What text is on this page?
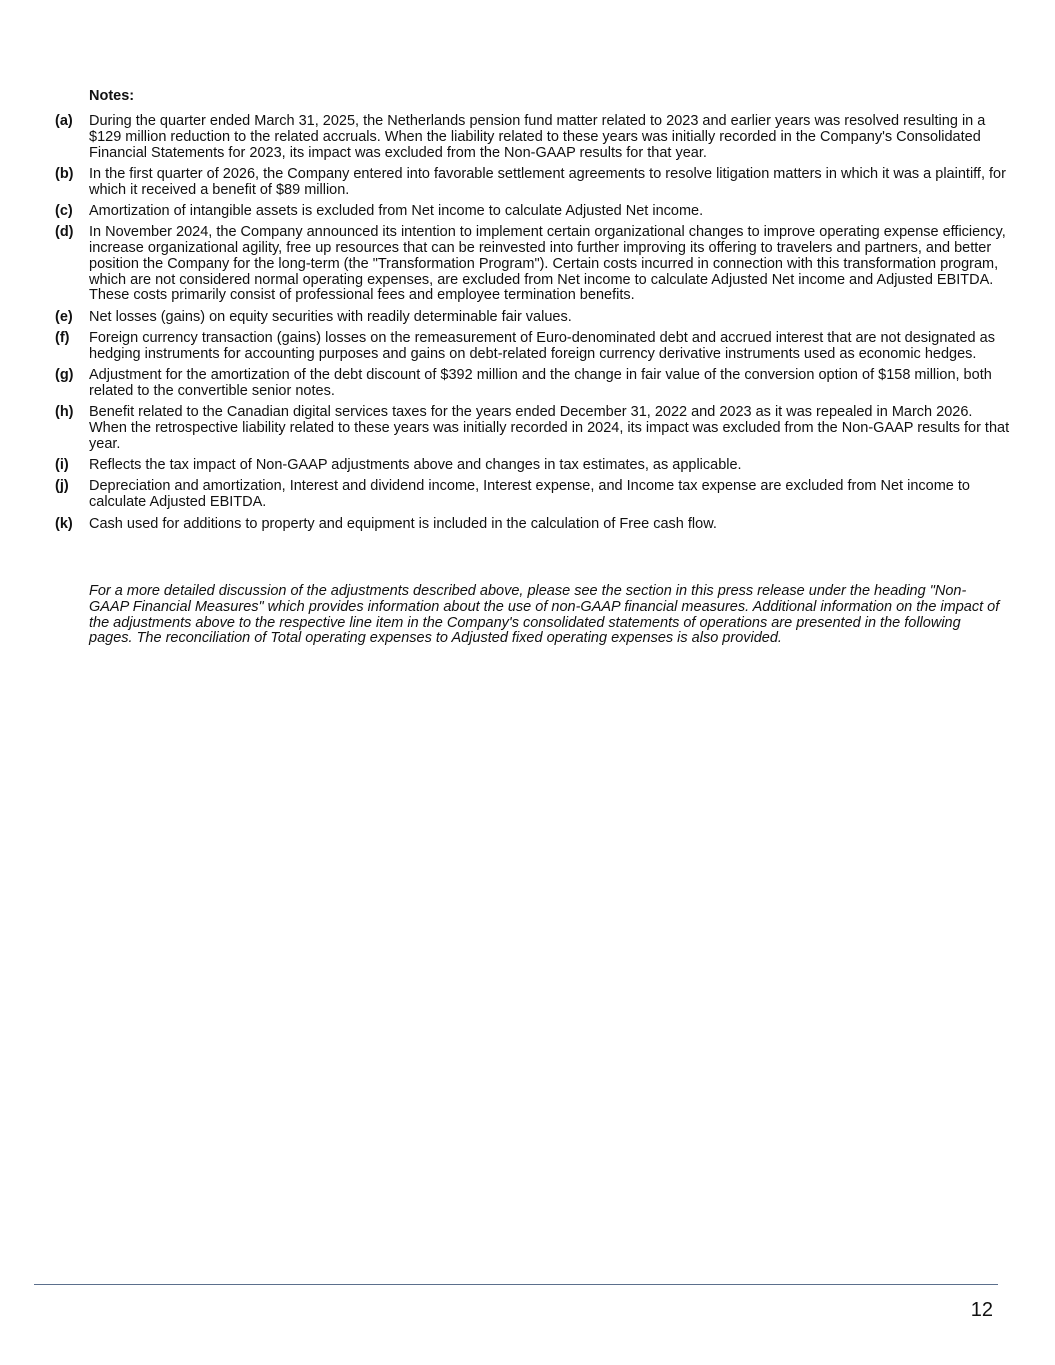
Notes:
(a)	During the quarter ended March 31, 2025, the Netherlands pension fund matter related to 2023 and earlier years was resolved resulting in a $129 million reduction to the related accruals. When the liability related to these years was initially recorded in the Company's Consolidated Financial Statements for 2023, its impact was excluded from the Non-GAAP results for that year.
(b)	In the first quarter of 2026, the Company entered into favorable settlement agreements to resolve litigation matters in which it was a plaintiff, for which it received a benefit of $89 million.
(c)	Amortization of intangible assets is excluded from Net income to calculate Adjusted Net income.
(d)	In November 2024, the Company announced its intention to implement certain organizational changes to improve operating expense efficiency, increase organizational agility, free up resources that can be reinvested into further improving its offering to travelers and partners, and better position the Company for the long-term (the "Transformation Program"). Certain costs incurred in connection with this transformation program, which are not considered normal operating expenses, are excluded from Net income to calculate Adjusted Net income and Adjusted EBITDA. These costs primarily consist of professional fees and employee termination benefits.
(e)	Net losses (gains) on equity securities with readily determinable fair values.
(f)	Foreign currency transaction (gains) losses on the remeasurement of Euro-denominated debt and accrued interest that are not designated as hedging instruments for accounting purposes and gains on debt-related foreign currency derivative instruments used as economic hedges.
(g)	Adjustment for the amortization of the debt discount of $392 million and the change in fair value of the conversion option of $158 million, both related to the convertible senior notes.
(h)	Benefit related to the Canadian digital services taxes for the years ended December 31, 2022 and 2023 as it was repealed in March 2026. When the retrospective liability related to these years was initially recorded in 2024, its impact was excluded from the Non-GAAP results for that year.
(i)	Reflects the tax impact of Non-GAAP adjustments above and changes in tax estimates, as applicable.
(j)	Depreciation and amortization, Interest and dividend income, Interest expense, and Income tax expense are excluded from Net income to calculate Adjusted EBITDA.
(k)	Cash used for additions to property and equipment is included in the calculation of Free cash flow.
For a more detailed discussion of the adjustments described above, please see the section in this press release under the heading "Non-GAAP Financial Measures" which provides information about the use of non-GAAP financial measures. Additional information on the impact of the adjustments above to the respective line item in the Company's consolidated statements of operations are presented in the following pages. The reconciliation of Total operating expenses to Adjusted fixed operating expenses is also provided.
12
